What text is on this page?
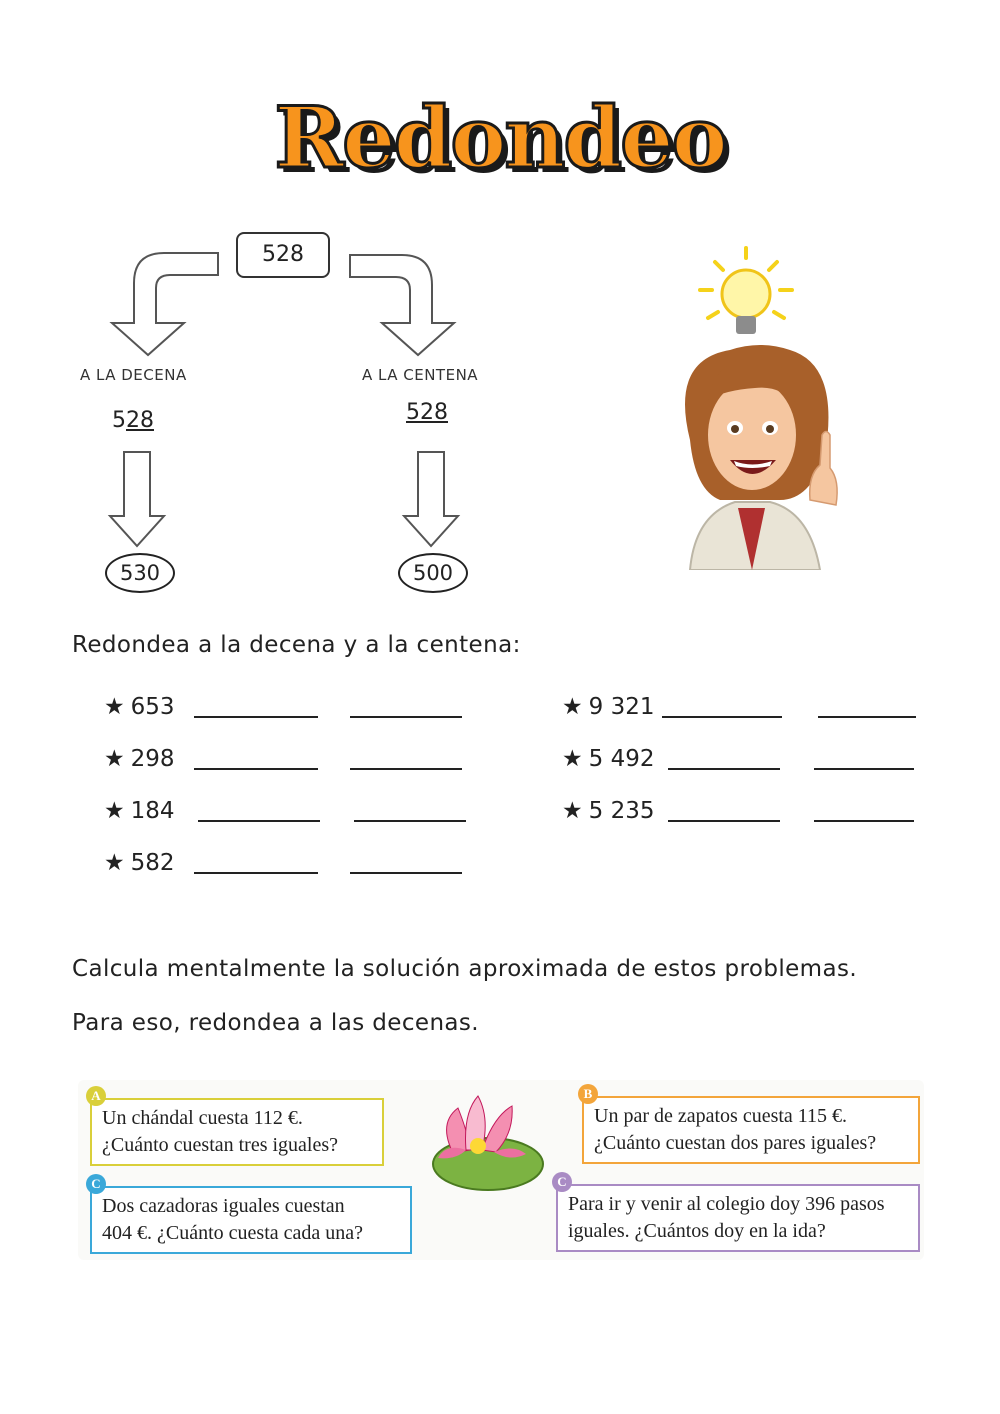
Redondeo
528
A LA DECENA	A LA CENTENA
528	528
530	500
Redondea a la decena y a la centena:
★ 653
★ 298
★ 184
★ 582
★ 9 321
★ 5 492
★ 5 235
Calcula mentalmente la solución aproximada de estos problemas.
Para eso, redondea a las decenas.
Un chándal cuesta 112 €.
¿Cuánto cuestan tres iguales?
A
Un par de zapatos cuesta 115 €.
¿Cuánto cuestan dos pares iguales?
B
Dos cazadoras iguales cuestan
404 €. ¿Cuánto cuesta cada una?
C
Para ir y venir al colegio doy 396 pasos
iguales. ¿Cuántos doy en la ida?
C
